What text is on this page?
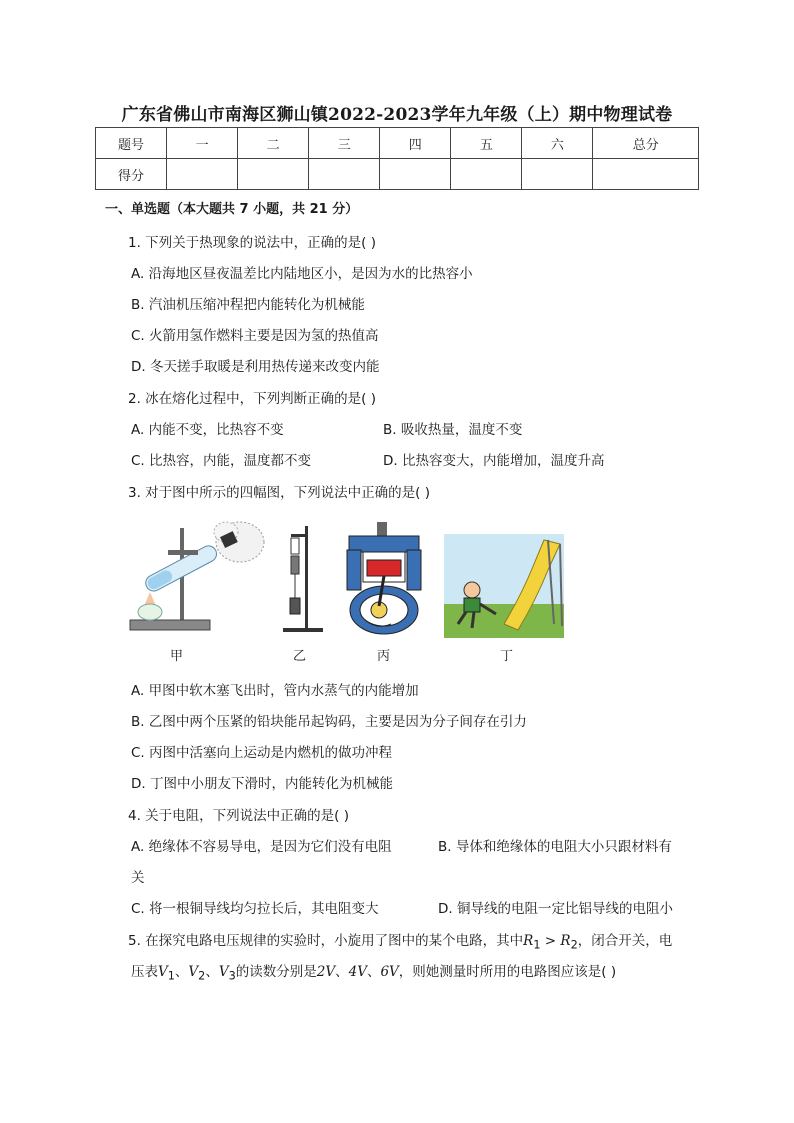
广东省佛山市南海区狮山镇2022-2023学年九年级（上）期中物理试卷
题号	一	二	三	四	五	六	总分
得分							
一、单选题（本大题共 7 小题，共 21 分）
1. 下列关于热现象的说法中，正确的是( )
A. 沿海地区昼夜温差比内陆地区小，是因为水的比热容小
B. 汽油机压缩冲程把内能转化为机械能
C. 火箭用氢作燃料主要是因为氢的热值高
D. 冬天搓手取暖是利用热传递来改变内能
2. 冰在熔化过程中，下列判断正确的是( )
A. 内能不变，比热容不变	B. 吸收热量，温度不变
C. 比热容，内能，温度都不变	D. 比热容变大，内能增加，温度升高
3. 对于图中所示的四幅图，下列说法中正确的是( )
甲	乙	丙	丁
A. 甲图中软木塞飞出时，管内水蒸气的内能增加
B. 乙图中两个压紧的铅块能吊起钩码，主要是因为分子间存在引力
C. 丙图中活塞向上运动是内燃机的做功冲程
D. 丁图中小朋友下滑时，内能转化为机械能
4. 关于电阻，下列说法中正确的是( )
A. 绝缘体不容易导电，是因为它们没有电阻	B. 导体和绝缘体的电阻大小只跟材料有
关
C. 将一根铜导线均匀拉长后，其电阻变大	D. 铜导线的电阻一定比铝导线的电阻小
5. 在探究电路电压规律的实验时，小旋用了图中的某个电路，其中$R_1 > R_2$，闭合开关，电
压表$V_1$、$V_2$、$V_3$的读数分别是2V、4V、6V，则她测量时所用的电路图应该是( )
